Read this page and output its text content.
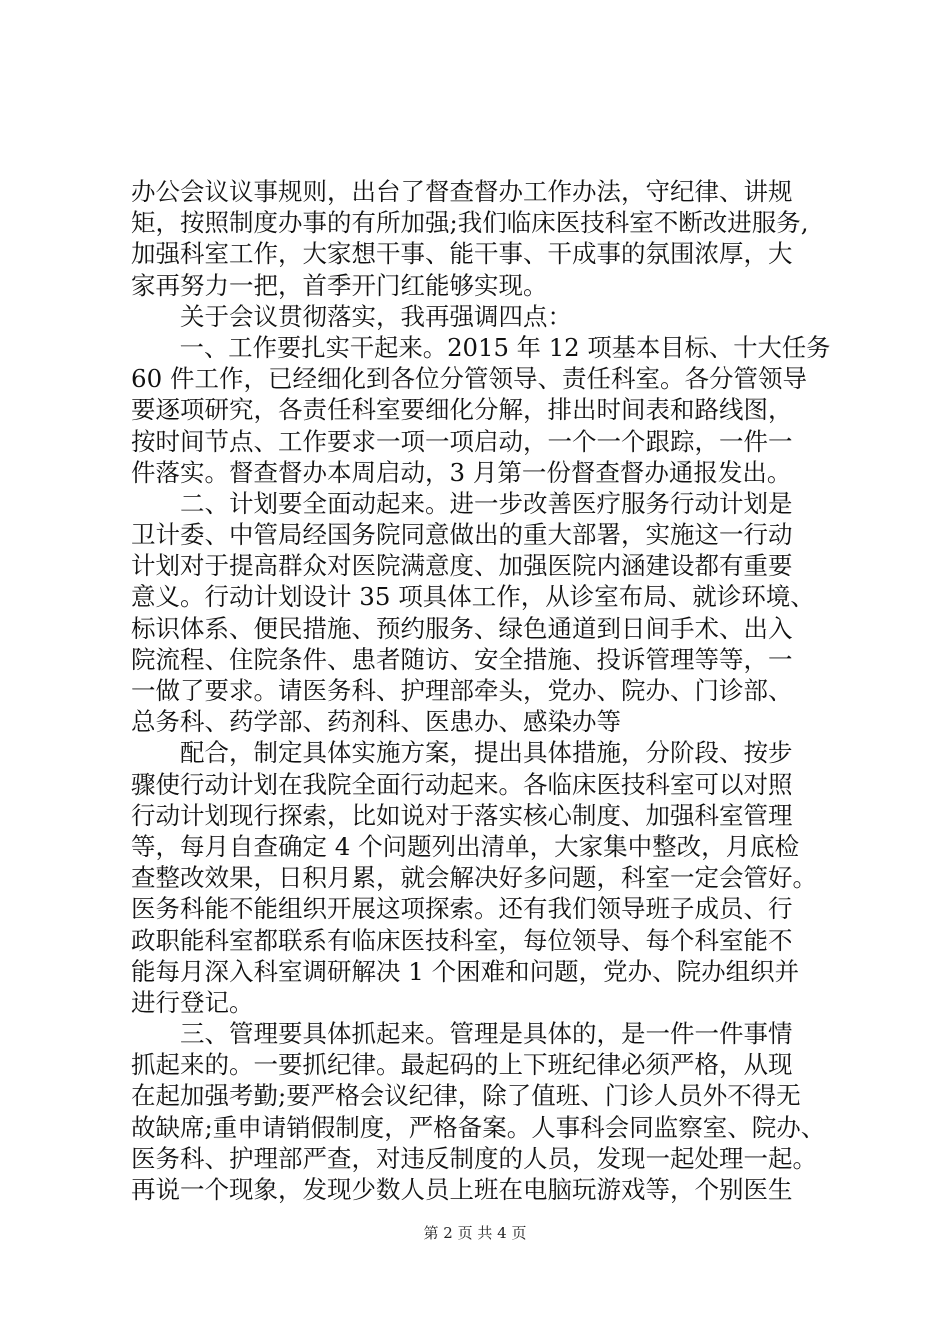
办公会议议事规则，出台了督查督办工作办法，守纪律、讲规
矩，按照制度办事的有所加强;我们临床医技科室不断改进服务,
加强科室工作，大家想干事、能干事、干成事的氛围浓厚，大
家再努力一把，首季开门红能够实现。
　　关于会议贯彻落实，我再强调四点：
　　一、工作要扎实干起来。2015 年 12 项基本目标、十大任务
60 件工作，已经细化到各位分管领导、责任科室。各分管领导
要逐项研究，各责任科室要细化分解，排出时间表和路线图，
按时间节点、工作要求一项一项启动，一个一个跟踪，一件一
件落实。督查督办本周启动，3 月第一份督查督办通报发出。
　　二、计划要全面动起来。进一步改善医疗服务行动计划是
卫计委、中管局经国务院同意做出的重大部署，实施这一行动
计划对于提高群众对医院满意度、加强医院内涵建设都有重要
意义。行动计划设计 35 项具体工作，从诊室布局、就诊环境、
标识体系、便民措施、预约服务、绿色通道到日间手术、出入
院流程、住院条件、患者随访、安全措施、投诉管理等等，一
一做了要求。请医务科、护理部牵头，党办、院办、门诊部、
总务科、药学部、药剂科、医患办、感染办等
　　配合，制定具体实施方案，提出具体措施，分阶段、按步
骤使行动计划在我院全面行动起来。各临床医技科室可以对照
行动计划现行探索，比如说对于落实核心制度、加强科室管理
等，每月自查确定 4 个问题列出清单，大家集中整改，月底检
查整改效果，日积月累，就会解决好多问题，科室一定会管好。
医务科能不能组织开展这项探索。还有我们领导班子成员、行
政职能科室都联系有临床医技科室，每位领导、每个科室能不
能每月深入科室调研解决 1 个困难和问题，党办、院办组织并
进行登记。
　　三、管理要具体抓起来。管理是具体的，是一件一件事情
抓起来的。一要抓纪律。最起码的上下班纪律必须严格，从现
在起加强考勤;要严格会议纪律，除了值班、门诊人员外不得无
故缺席;重申请销假制度，严格备案。人事科会同监察室、院办、
医务科、护理部严查，对违反制度的人员，发现一起处理一起。
再说一个现象，发现少数人员上班在电脑玩游戏等，个别医生
第 2 页 共 4 页
